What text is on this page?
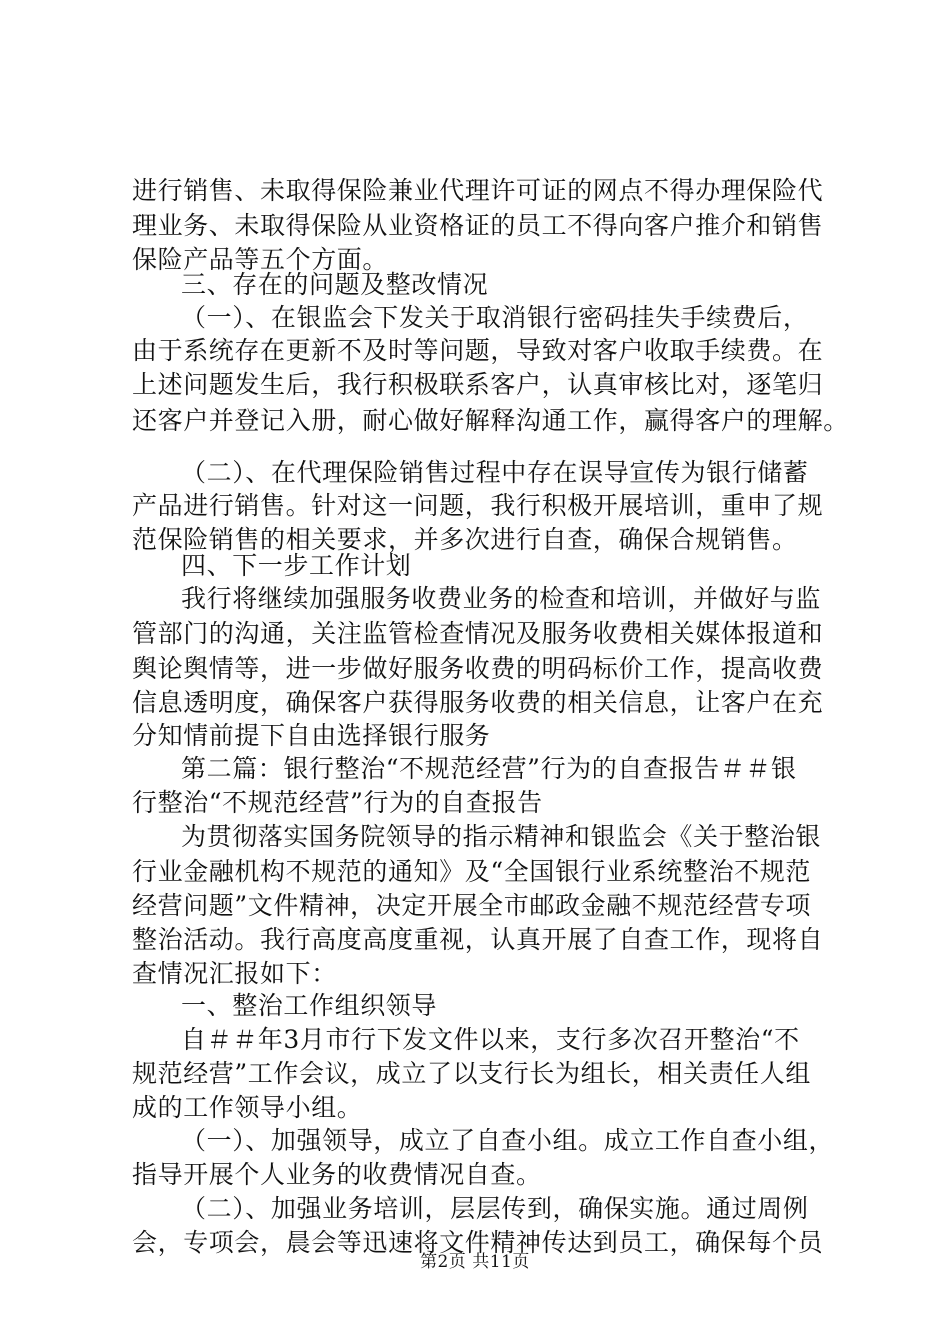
进行销售、未取得保险兼业代理许可证的网点不得办理保险代
理业务、未取得保险从业资格证的员工不得向客户推介和销售
保险产品等五个方面。
三、存在的问题及整改情况
（一）、在银监会下发关于取消银行密码挂失手续费后，
由于系统存在更新不及时等问题，导致对客户收取手续费。在
上述问题发生后，我行积极联系客户，认真审核比对，逐笔归
还客户并登记入册，耐心做好解释沟通工作，赢得客户的理解。
（二）、在代理保险销售过程中存在误导宣传为银行储蓄
产品进行销售。针对这一问题，我行积极开展培训，重申了规
范保险销售的相关要求，并多次进行自查，确保合规销售。
四、下一步工作计划
我行将继续加强服务收费业务的检查和培训，并做好与监
管部门的沟通，关注监管检查情况及服务收费相关媒体报道和
舆论舆情等，进一步做好服务收费的明码标价工作，提高收费
信息透明度，确保客户获得服务收费的相关信息，让客户在充
分知情前提下自由选择银行服务
第二篇：银行整治“不规范经营”行为的自查报告＃＃银
行整治“不规范经营”行为的自查报告
为贯彻落实国务院领导的指示精神和银监会《关于整治银
行业金融机构不规范的通知》及“全国银行业系统整治不规范
经营问题”文件精神，决定开展全市邮政金融不规范经营专项
整治活动。我行高度高度重视，认真开展了自查工作，现将自
查情况汇报如下：
一、整治工作组织领导
自＃＃年3月市行下发文件以来，支行多次召开整治“不
规范经营”工作会议，成立了以支行长为组长，相关责任人组
成的工作领导小组。
（一）、加强领导，成立了自查小组。成立工作自查小组，
指导开展个人业务的收费情况自查。
（二）、加强业务培训，层层传到，确保实施。通过周例
会，专项会，晨会等迅速将文件精神传达到员工，确保每个员
第2页 共11页
